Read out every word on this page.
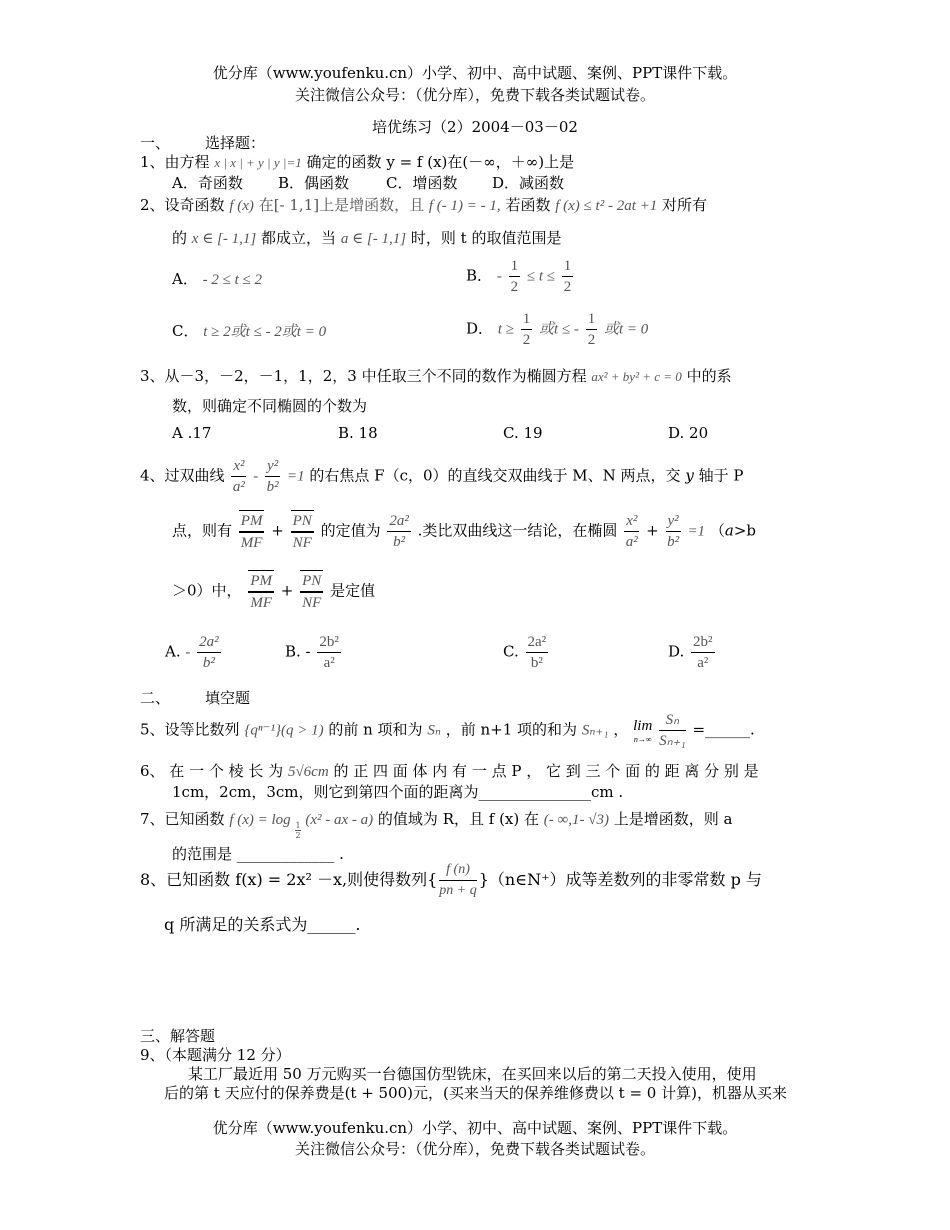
优分库（www.youfenku.cn）小学、初中、高中试题、案例、PPT课件下载。
关注微信公众号：（优分库），免费下载各类试题试卷。
培优练习（2）2004－03－02
一、 选择题：
1、由方程 x | x | + y | y |=1 确定的函数 y = f (x)在(－∞，＋∞)上是
A．奇函数 B．偶函数 C．增函数 D．减函数
2、设奇函数 f (x) 在[- 1,1]上是增函数，且 f (- 1) = - 1, 若函数 f (x) ≤ t² - 2at +1 对所有
的 x ∈ [- 1,1] 都成立，当 a ∈ [- 1,1] 时，则 t 的取值范围是
A． - 2 ≤ t ≤ 2	B． - $\frac{1}{2} \le t \le \frac{1}{2}$
C． t ≥ 2或t ≤ - 2或t = 0	D． $t \ge \frac{1}{2}$ 或t ≤ - $\frac{1}{2}$ 或t = 0
3、从－3，－2，－1，1，2，3 中任取三个不同的数作为椭圆方程 ax² + by² + c = 0 中的系
数，则确定不同椭圆的个数为
A .17	B. 18	C. 19	D. 20
4、过双曲线 $\frac{\text{x²}}{\text{a²}} - \frac{\text{y²}}{\text{b²}} =1$ 的右焦点 F（c，0）的直线交双曲线于 M、N 两点，交 y 轴于 P
点，则有 $\frac{PM}{MF} + \frac{PN}{NF}$ 的定值为 $\frac{\text{2a²}}{\text{b²}}$ .类比双曲线这一结论，在椭圆 $\frac{\text{x²}}{\text{a²}} + \frac{\text{y²}}{\text{b²}} =1$ （a>b
＞0）中， $\frac{PM}{MF} + \frac{PN}{NF}$ 是定值
A. - $\frac{\text{2a²}}{\text{b²}}$	B. - $\frac{\text{2b²}}{\text{a²}}$	C. $\frac{\text{2a²}}{\text{b²}}$	D. $\frac{\text{2b²}}{\text{a²}}$
二、 填空题
5、设等比数列 {qⁿ⁻¹}(q > 1) 的前 n 项和为 Sₙ ，前 n+1 项的和为 Sₙ₊₁ ， lim
n→∞
$\frac{\text{Sₙ}}{\text{Sₙ₊₁}}$ =______.
6、 在 一 个 棱 长 为 5√6cm 的 正 四 面 体 内 有 一 点 P ， 它 到 三 个 面 的 距 离 分 别 是
1cm，2cm，3cm，则它到第四个面的距离为_______________cm .
7、已知函数 f (x) = log
$\frac{1}{2}$
(x² - ax - a) 的值域为 R，且 f (x) 在 (- ∞,1- √3) 上是增函数，则 a
的范围是 _____________ .
8、已知函数 f(x) = 2x² －x,则使得数列{ $\frac{f (n)}{pn + q}$ }（n∈N⁺）成等差数列的非零常数 p 与
q 所满足的关系式为______.
三、解答题
9、（本题满分 12 分）
某工厂最近用 50 万元购买一台德国仿型铣床，在买回来以后的第二天投入使用，使用
后的第 t 天应付的保养费是(t + 500)元，(买来当天的保养维修费以 t = 0 计算)，机器从买来
优分库（www.youfenku.cn）小学、初中、高中试题、案例、PPT课件下载。
关注微信公众号：（优分库），免费下载各类试题试卷。
